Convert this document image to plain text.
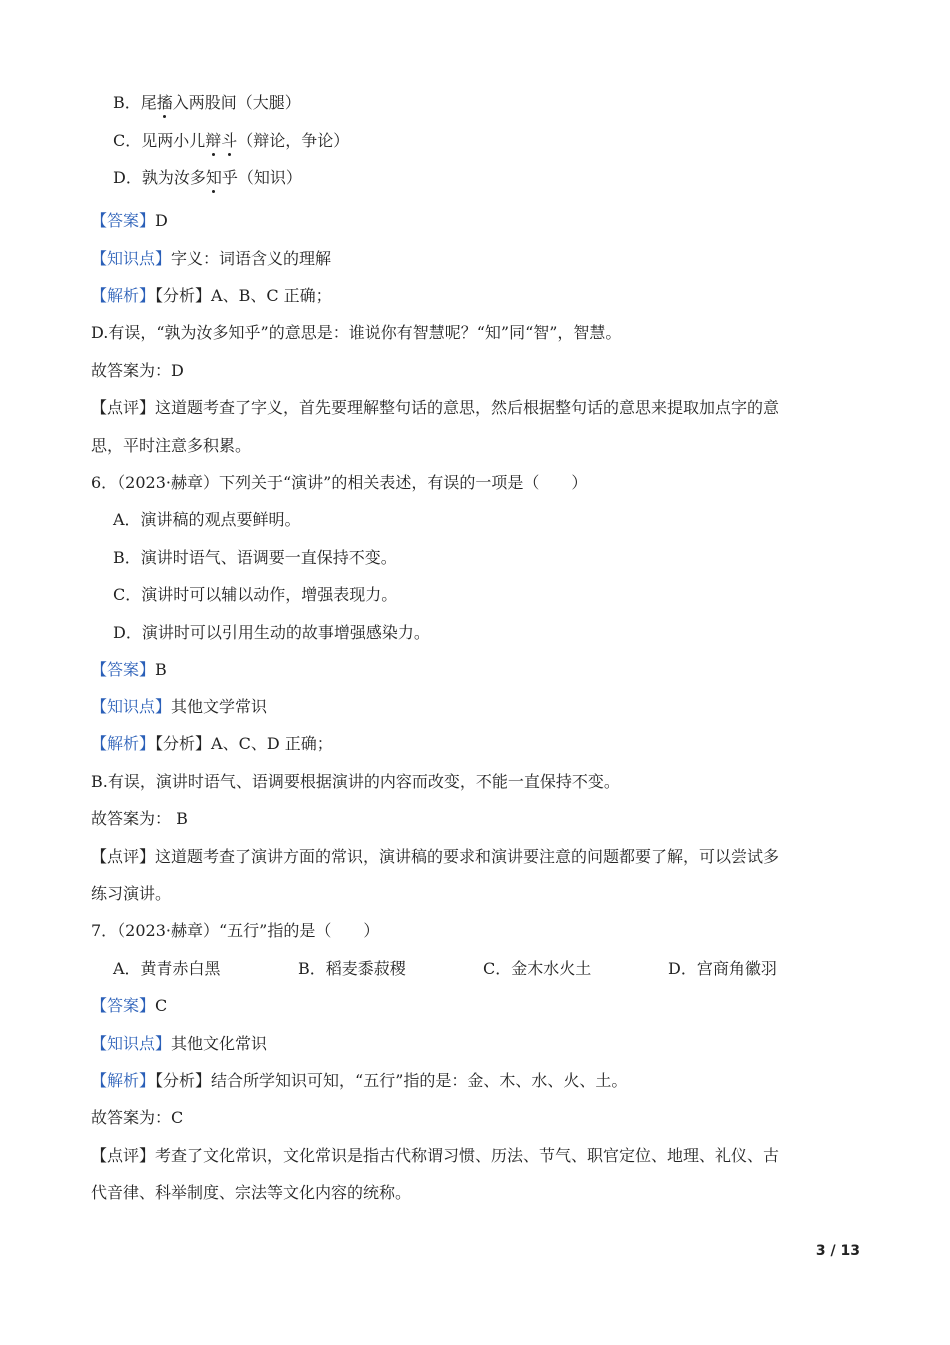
B．尾搐入两股间（大腿）
C．见两小儿辩斗（辩论，争论）
D．孰为汝多知乎（知识）
【答案】D
【知识点】字义：词语含义的理解
【解析】【分析】A、B、C 正确；
D.有误，“孰为汝多知乎”的意思是：谁说你有智慧呢？“知”同“智”，智慧。
故答案为：D
【点评】这道题考查了字义，首先要理解整句话的意思，然后根据整句话的意思来提取加点字的意
思，平时注意多积累。
6．（2023·赫章）下列关于“演讲”的相关表述，有误的一项是（　　）
A．演讲稿的观点要鲜明。
B．演讲时语气、语调要一直保持不变。
C．演讲时可以辅以动作，增强表现力。
D．演讲时可以引用生动的故事增强感染力。
【答案】B
【知识点】其他文学常识
【解析】【分析】A、C、D 正确；
B.有误，演讲时语气、语调要根据演讲的内容而改变，不能一直保持不变。
故答案为： B
【点评】这道题考查了演讲方面的常识，演讲稿的要求和演讲要注意的问题都要了解，可以尝试多
练习演讲。
7．（2023·赫章）“五行”指的是（　　）
A．黄青赤白黑	B．稻麦黍菽稷	C．金木水火土	D．宫商角徽羽
【答案】C
【知识点】其他文化常识
【解析】【分析】结合所学知识可知，“五行”指的是：金、木、水、火、土。
故答案为：C
【点评】考查了文化常识，文化常识是指古代称谓习惯、历法、节气、职官定位、地理、礼仪、古
代音律、科举制度、宗法等文化内容的统称。
3 / 13
